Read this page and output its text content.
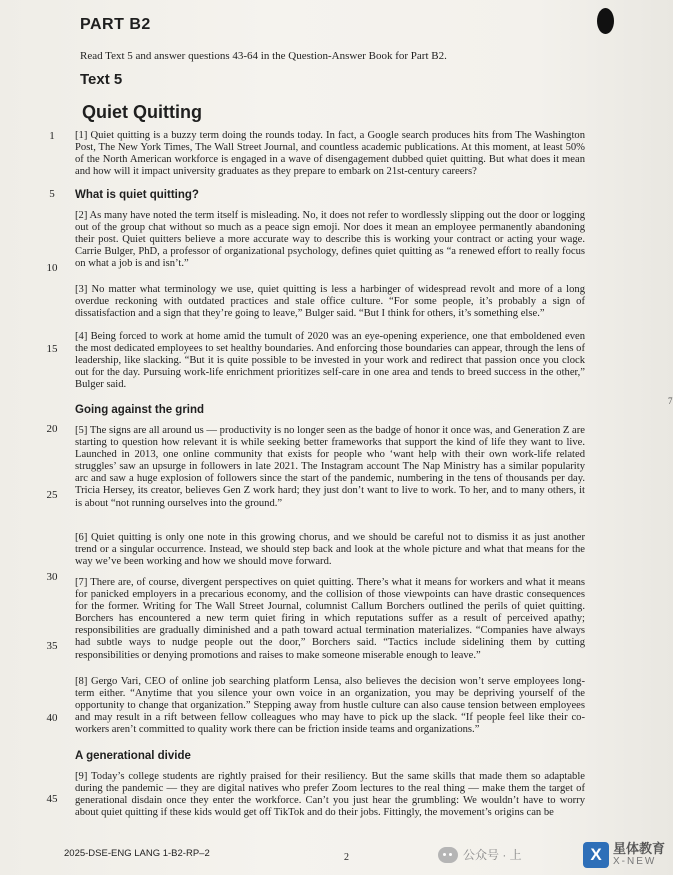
PART B2
Read Text 5 and answer questions 43-64 in the Question-Answer Book for Part B2.
Text 5
Quiet Quitting
1
5
10
15
20
25
30
35
40
45
[1] Quiet quitting is a buzzy term doing the rounds today. In fact, a Google search produces hits from The Washington Post, The New York Times, The Wall Street Journal, and countless academic publications. At this moment, at least 50% of the North American workforce is engaged in a wave of disengagement dubbed quiet quitting. But what does it mean and how will it impact university graduates as they prepare to embark on 21st-century careers?
What is quiet quitting?
[2] As many have noted the term itself is misleading. No, it does not refer to wordlessly slipping out the door or logging out of the group chat without so much as a peace sign emoji. Nor does it mean an employee permanently abandoning their post. Quiet quitters believe a more accurate way to describe this is working your contract or acting your wage. Carrie Bulger, PhD, a professor of organizational psychology, defines quiet quitting as “a renewed effort to really focus on what a job is and isn’t.”
[3] No matter what terminology we use, quiet quitting is less a harbinger of widespread revolt and more of a long overdue reckoning with outdated practices and stale office culture. “For some people, it’s probably a sign of dissatisfaction and a sign that they’re going to leave,” Bulger said. “But I think for others, it’s something else.”
[4] Being forced to work at home amid the tumult of 2020 was an eye-opening experience, one that emboldened even the most dedicated employees to set healthy boundaries. And enforcing those boundaries can appear, through the lens of leadership, like slacking. “But it is quite possible to be invested in your work and redirect that passion once you clock out for the day. Pursuing work-life enrichment prioritizes self-care in one area and tends to breed success in the other,” Bulger said.
Going against the grind
[5] The signs are all around us — productivity is no longer seen as the badge of honor it once was, and Generation Z are starting to question how relevant it is while seeking better frameworks that support the kind of life they want to live. Launched in 2013, one online community that exists for people who ‘want help with their own work-life related struggles’ saw an upsurge in followers in late 2021. The Instagram account The Nap Ministry has a similar popularity arc and saw a huge explosion of followers since the start of the pandemic, numbering in the tens of thousands per day. Tricia Hersey, its creator, believes Gen Z work hard; they just don’t want to live to work. To her, and to many others, it is about “not running ourselves into the ground.”
[6] Quiet quitting is only one note in this growing chorus, and we should be careful not to dismiss it as just another trend or a singular occurrence. Instead, we should step back and look at the whole picture and what that means for the way we’ve been working and how we should move forward.
[7] There are, of course, divergent perspectives on quiet quitting. There’s what it means for workers and what it means for panicked employers in a precarious economy, and the collision of those viewpoints can have drastic consequences for the former. Writing for The Wall Street Journal, columnist Callum Borchers outlined the perils of quiet quitting. Borchers has encountered a new term quiet firing in which reputations suffer as a result of perceived apathy; responsibilities are gradually diminished and a path toward actual termination materializes. “Companies have always had subtle ways to nudge people out the door,” Borchers said. “Tactics include sidelining them by cutting responsibilities or denying promotions and raises to make someone miserable enough to leave.”
[8] Gergo Vari, CEO of online job searching platform Lensa, also believes the decision won’t serve employees long-term either. “Anytime that you silence your own voice in an organization, you may be depriving yourself of the opportunity to change that organization.” Stepping away from hustle culture can also cause tension between employees and may result in a rift between fellow colleagues who may have to pick up the slack. “If people feel like their co-workers aren’t committed to quality work there can be friction inside teams and organizations.”
A generational divide
[9] Today’s college students are rightly praised for their resiliency. But the same skills that made them so adaptable during the pandemic — they are digital natives who prefer Zoom lectures to the real thing — make them the target of generational disdain once they enter the workforce. Can’t you just hear the grumbling: We wouldn’t have to worry about quiet quitting if these kids would get off TikTok and do their jobs. Fittingly, the movement’s origins can be
7
2025-DSE-ENG LANG 1-B2-RP–2	2	公众号 · 上	X 星体教育
X-NEW
